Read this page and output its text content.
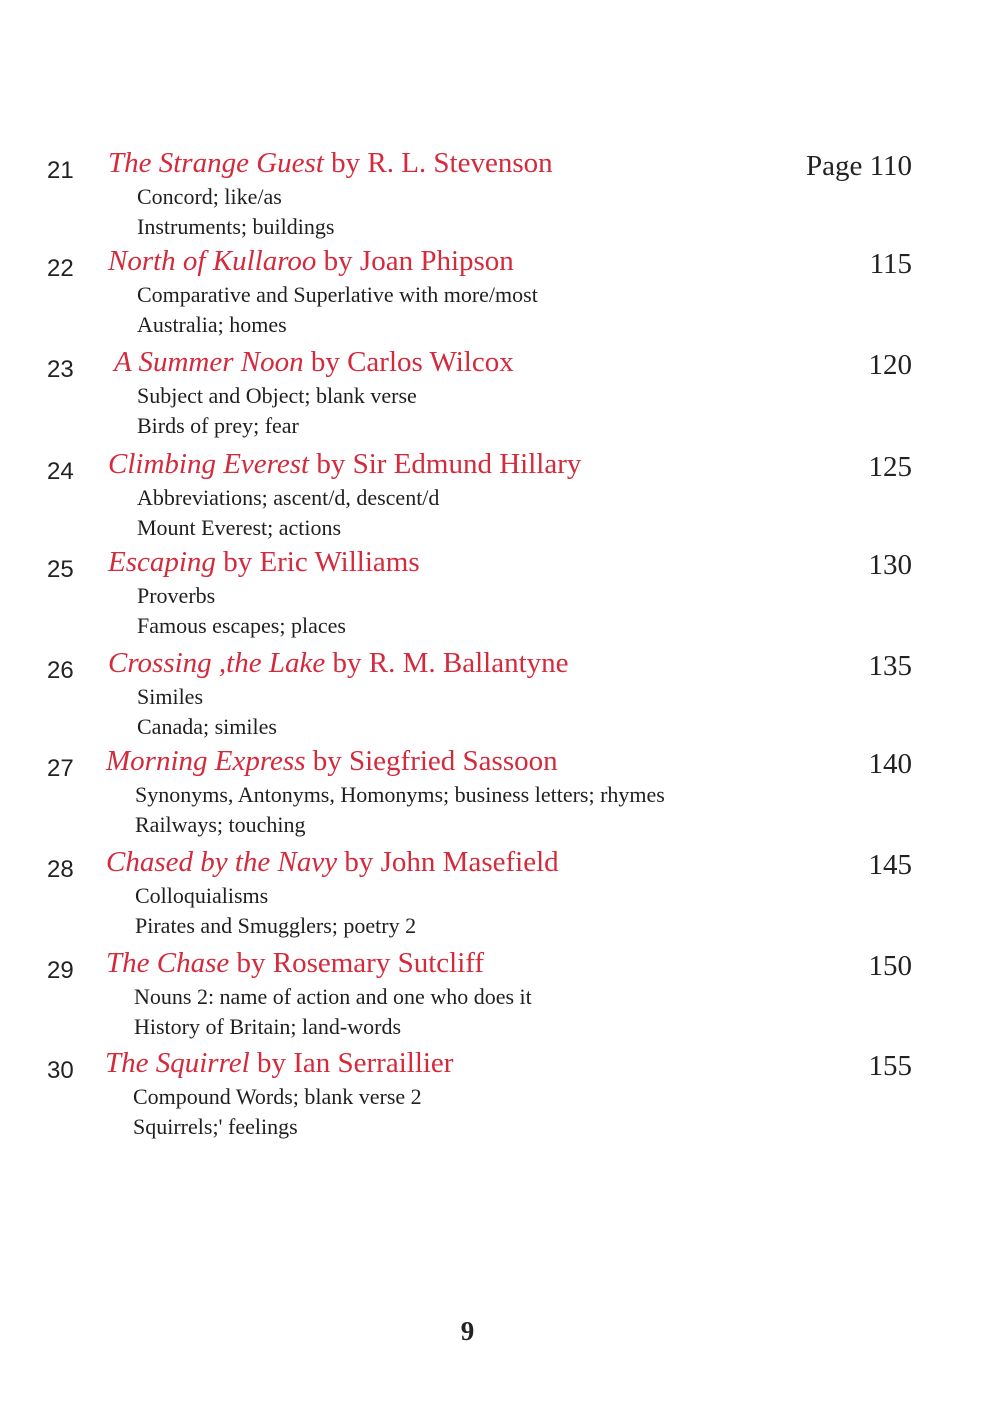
21 The Strange Guest by R. L. Stevenson	Page 110
Concord; like/as
Instruments; buildings
22 North of Kullaroo by Joan Phipson	115
Comparative and Superlative with more/most
Australia; homes
23 A Summer Noon by Carlos Wilcox	120
Subject and Object; blank verse
Birds of prey; fear
24 Climbing Everest by Sir Edmund Hillary	125
Abbreviations; ascent/d, descent/d
Mount Everest; actions
25 Escaping by Eric Williams	130
Proverbs
Famous escapes; places
26 Crossing ,the Lake by R. M. Ballantyne	135
Similes
Canada; similes
27 Morning Express by Siegfried Sassoon	140
Synonyms, Antonyms, Homonyms; business letters; rhymes
Railways; touching
28 Chased by the Navy by John Masefield	145
Colloquialisms
Pirates and Smugglers; poetry 2
29 The Chase by Rosemary Sutcliff	150
Nouns 2: name of action and one who does it
History of Britain; land-words
30 The Squirrel by Ian Serraillier	155
Compound Words; blank verse 2
Squirrels;' feelings
9
